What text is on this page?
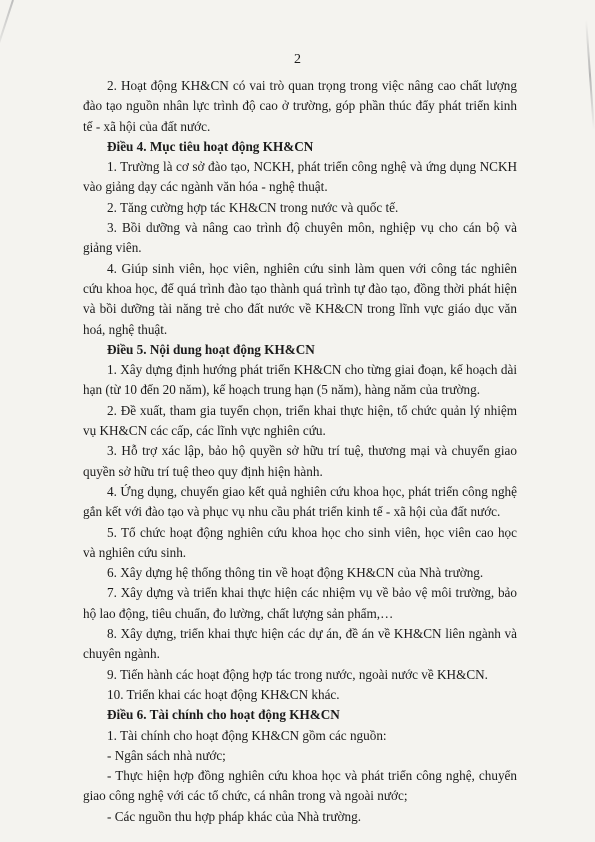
2

2. Hoạt động KH&CN có vai trò quan trọng trong việc nâng cao chất lượng đào tạo nguồn nhân lực trình độ cao ở trường, góp phần thúc đẩy phát triển kinh tế - xã hội của đất nước.

Điều 4. Mục tiêu hoạt động KH&CN

1. Trường là cơ sở đào tạo, NCKH, phát triển công nghệ và ứng dụng NCKH vào giảng dạy các ngành văn hóa - nghệ thuật.

2. Tăng cường hợp tác KH&CN trong nước và quốc tế.

3. Bồi dưỡng và nâng cao trình độ chuyên môn, nghiệp vụ cho cán bộ và giảng viên.

4. Giúp sinh viên, học viên, nghiên cứu sinh làm quen với công tác nghiên cứu khoa học, để quá trình đào tạo thành quá trình tự đào tạo, đồng thời phát hiện và bồi dưỡng tài năng trẻ cho đất nước về KH&CN trong lĩnh vực giáo dục văn hoá, nghệ thuật.

Điều 5. Nội dung hoạt động KH&CN

1. Xây dựng định hướng phát triển KH&CN cho từng giai đoạn, kế hoạch dài hạn (từ 10 đến 20 năm), kế hoạch trung hạn (5 năm), hàng năm của trường.

2. Đề xuất, tham gia tuyển chọn, triển khai thực hiện, tổ chức quản lý nhiệm vụ KH&CN các cấp, các lĩnh vực nghiên cứu.

3. Hỗ trợ xác lập, bảo hộ quyền sở hữu trí tuệ, thương mại và chuyển giao quyền sở hữu trí tuệ theo quy định hiện hành.

4. Ứng dụng, chuyển giao kết quả nghiên cứu khoa học, phát triển công nghệ gắn kết với đào tạo và phục vụ nhu cầu phát triển kinh tế - xã hội của đất nước.

5. Tổ chức hoạt động nghiên cứu khoa học cho sinh viên, học viên cao học và nghiên cứu sinh.

6. Xây dựng hệ thống thông tin về hoạt động KH&CN của Nhà trường.

7. Xây dựng và triển khai thực hiện các nhiệm vụ về bảo vệ môi trường, bảo hộ lao động, tiêu chuẩn, đo lường, chất lượng sản phẩm,…

8. Xây dựng, triển khai thực hiện các dự án, đề án về KH&CN liên ngành và chuyên ngành.

9. Tiến hành các hoạt động hợp tác trong nước, ngoài nước về KH&CN.

10. Triển khai các hoạt động KH&CN khác.

Điều 6. Tài chính cho hoạt động KH&CN

1. Tài chính cho hoạt động KH&CN gồm các nguồn:

- Ngân sách nhà nước;

- Thực hiện hợp đồng nghiên cứu khoa học và phát triển công nghệ, chuyển giao công nghệ với các tổ chức, cá nhân trong và ngoài nước;

- Các nguồn thu hợp pháp khác của Nhà trường.
